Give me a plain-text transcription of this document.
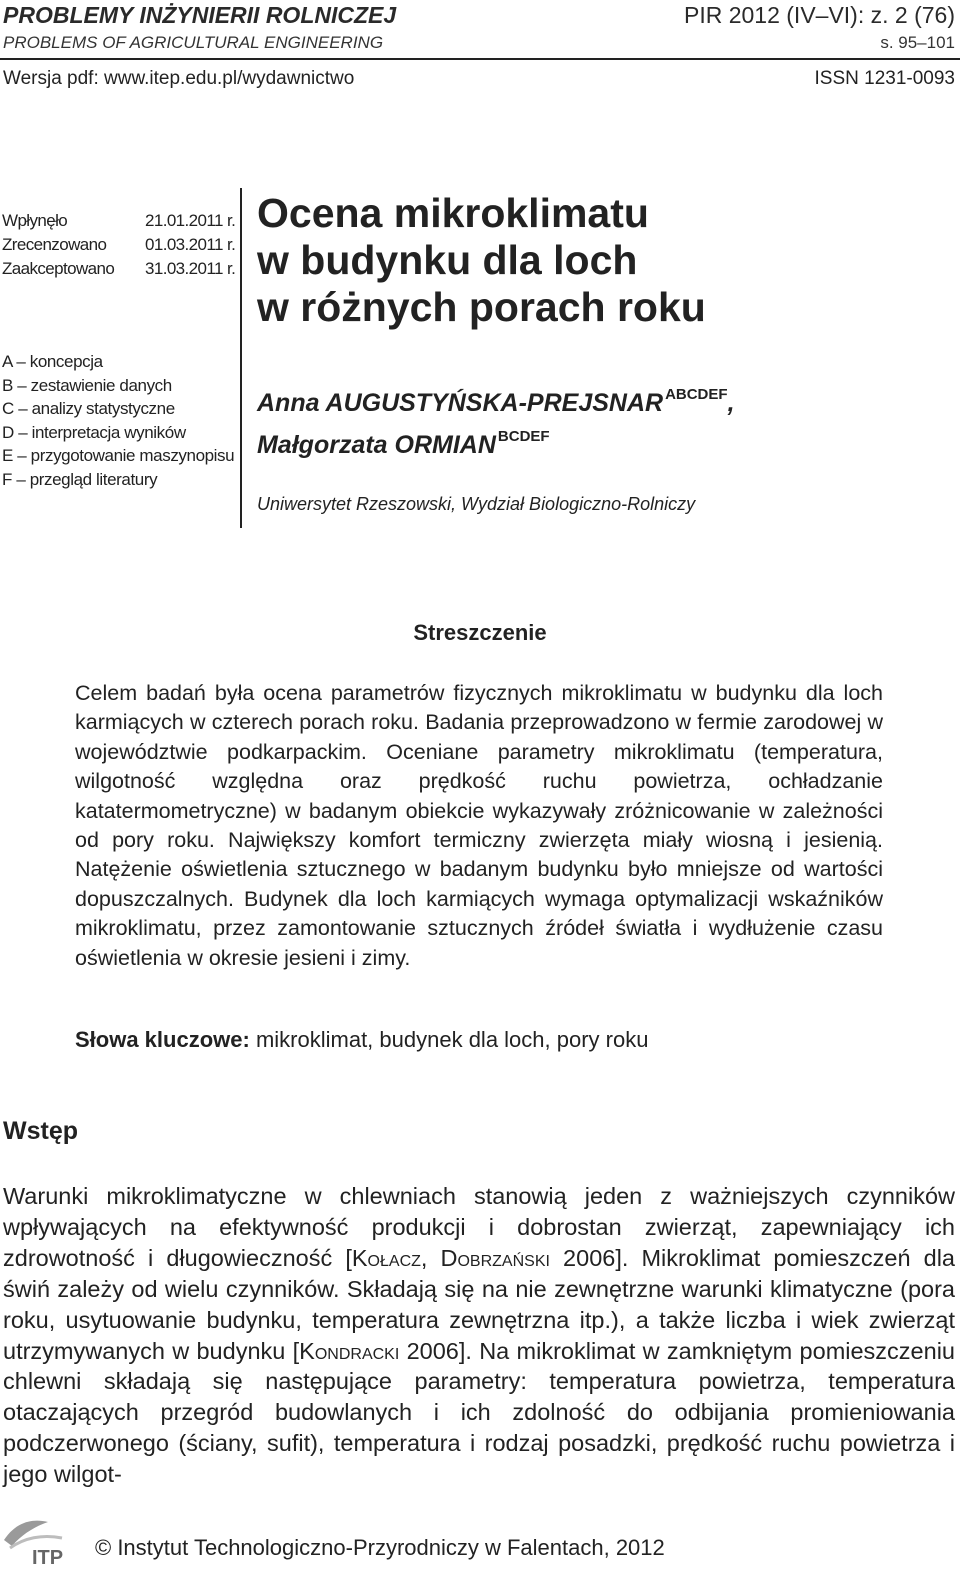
PROBLEMY INŻYNIERII ROLNICZEJ
PROBLEMS OF AGRICULTURAL ENGINEERING
PIR 2012 (IV–VI): z. 2 (76)
s. 95–101
Wersja pdf: www.itep.edu.pl/wydawnictwo	ISSN 1231-0093
Wpłynęło	21.01.2011 r.
Zrecenzowano	01.03.2011 r.
Zaakceptowano	31.03.2011 r.
A – koncepcja
B – zestawienie danych
C – analizy statystyczne
D – interpretacja wyników
E – przygotowanie maszynopisu
F – przegląd literatury
Ocena mikroklimatu
w budynku dla loch
w różnych porach roku
Anna AUGUSTYŃSKA-PREJSNAR $^{ABCDEF}$,
Małgorzata ORMIAN $^{BCDEF}$
Uniwersytet Rzeszowski, Wydział Biologiczno-Rolniczy
Streszczenie
Celem badań była ocena parametrów fizycznych mikroklimatu w budynku dla loch karmiących w czterech porach roku. Badania przeprowadzono w fermie zarodowej w województwie podkarpackim. Oceniane parametry mikroklimatu (temperatura, wilgotność względna oraz prędkość ruchu powietrza, ochładzanie katatermometryczne) w badanym obiekcie wykazywały zróżnicowanie w zależności od pory roku. Największy komfort termiczny zwierzęta miały wiosną i jesienią. Natężenie oświetlenia sztucznego w badanym budynku było mniejsze od wartości dopuszczalnych. Budynek dla loch karmiących wymaga optymalizacji wskaźników mikroklimatu, przez zamontowanie sztucznych źródeł światła i wydłużenie czasu oświetlenia w okresie jesieni i zimy.
Słowa kluczowe: mikroklimat, budynek dla loch, pory roku
Wstęp
Warunki mikroklimatyczne w chlewniach stanowią jeden z ważniejszych czynników wpływających na efektywność produkcji i dobrostan zwierząt, zapewniający ich zdrowotność i długowieczność [Kołacz, Dobrzański 2006]. Mikroklimat pomieszczeń dla świń zależy od wielu czynników. Składają się na nie zewnętrzne warunki klimatyczne (pora roku, usytuowanie budynku, temperatura zewnętrzna itp.), a także liczba i wiek zwierząt utrzymywanych w budynku [Kondracki 2006]. Na mikroklimat w zamkniętym pomieszczeniu chlewni składają się następujące parametry: temperatura powietrza, temperatura otaczających przegród budowlanych i ich zdolność do odbijania promieniowania podczerwonego (ściany, sufit), temperatura i rodzaj posadzki, prędkość ruchu powietrza i jego wilgot-
ITP © Instytut Technologiczno-Przyrodniczy w Falentach, 2012
